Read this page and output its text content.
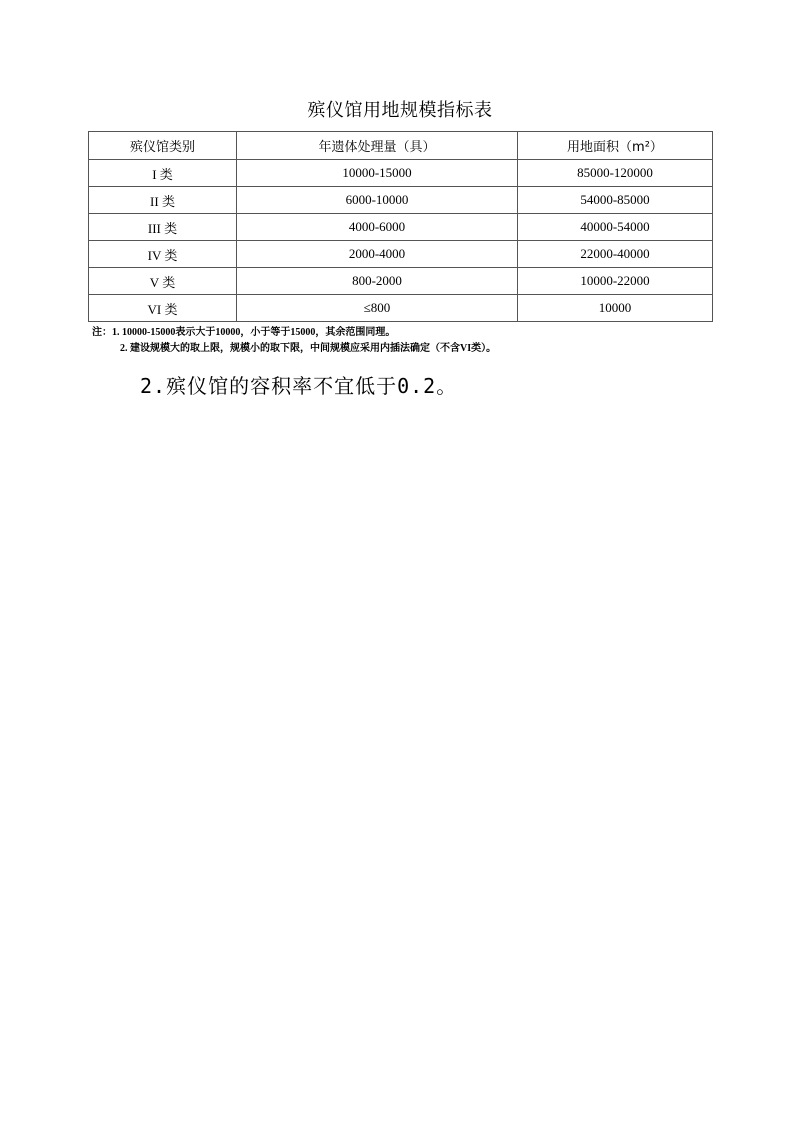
殡仪馆用地规模指标表
殡仪馆类别	年遗体处理量（具）	用地面积（m²）
I 类	10000-15000	85000-120000
II 类	6000-10000	54000-85000
III 类	4000-6000	40000-54000
IV 类	2000-4000	22000-40000
V 类	800-2000	10000-22000
VI 类	≤800	10000
注：1. 10000-15000表示大于10000，小于等于15000，其余范围同理。
2. 建设规模大的取上限，规模小的取下限，中间规模应采用内插法确定（不含VI类）。
2.殡仪馆的容积率不宜低于0.2。
